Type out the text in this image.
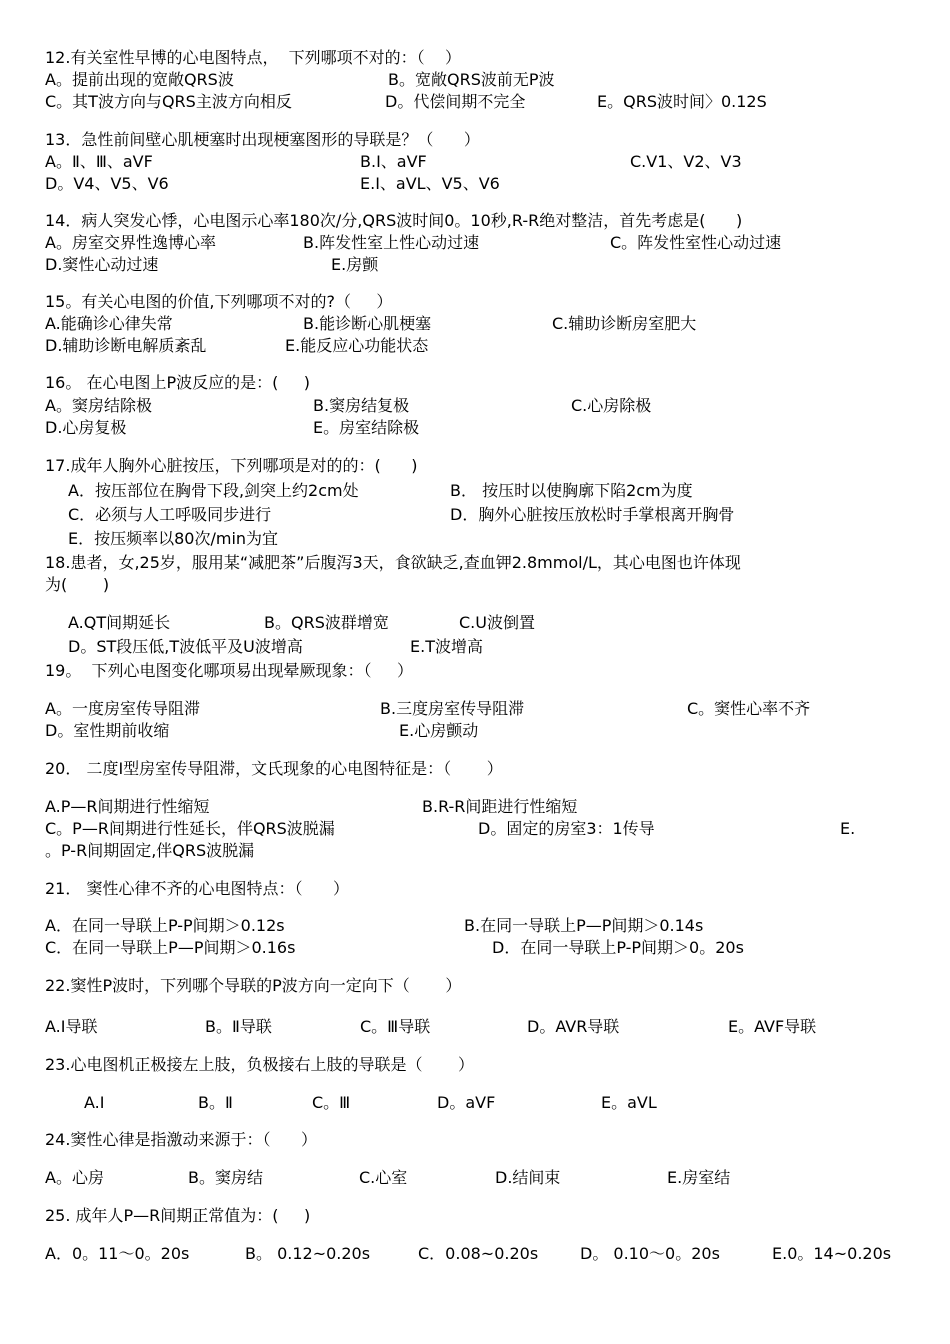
12.有关室性早博的心电图特点，  下列哪项不对的：（    ）
A。提前出现的宽敞QRS波	B。宽敞QRS波前无P波
C。其T波方向与QRS主波方向相反	D。代偿间期不完全	E。QRS波时间〉0.12S
13．急性前间壁心肌梗塞时出现梗塞图形的导联是？（      ）
A。Ⅱ、Ⅲ、aVF	B.Ⅰ、aVF	C.V1、V2、V3
D。V4、V5、V6	E.Ⅰ、aVL、V5、V6
14．病人突发心悸，心电图示心率180次/分,QRS波时间0。10秒,R-R绝对整洁，首先考虑是(      )
A。房室交界性逸博心率	B.阵发性室上性心动过速	C。阵发性室性心动过速
D.窦性心动过速	E.房颤
15。有关心电图的价值,下列哪项不对的?（     ）
A.能确诊心律失常	B.能诊断心肌梗塞	C.辅助诊断房室肥大
D.辅助诊断电解质紊乱	E.能反应心功能状态
16。 在心电图上P波反应的是：(     )
A。窦房结除极	B.窦房结复极	C.心房除极
D.心房复极	E。房室结除极
17.成年人胸外心脏按压，下列哪项是对的的：(      )
A．按压部位在胸骨下段,剑突上约2cm处	B． 按压时以使胸廓下陷2cm为度
C．必须与人工呼吸同步进行	D．胸外心脏按压放松时手掌根离开胸骨
E．按压频率以80次/min为宜
18.患者，女,25岁，服用某“减肥茶”后腹泻3天，食欲缺乏,查血钾2.8mmol/L，其心电图也许体现
为(       )
A.QT间期延长	B。QRS波群增宽	C.U波倒置
D。ST段压低,T波低平及U波增高	E.T波增高
19。  下列心电图变化哪项易出现晕厥现象：（     ）
A。一度房室传导阻滞	B.三度房室传导阻滞	C。窦性心率不齐
D。室性期前收缩	E.心房颤动
20． 二度Ⅰ型房室传导阻滞，文氏现象的心电图特征是：（       ）
A.P—R间期进行性缩短	B.R-R间距进行性缩短
C。P—R间期进行性延长，伴QRS波脱漏	D。固定的房室3：1传导	E.
。P-R间期固定,伴QRS波脱漏
21． 窦性心律不齐的心电图特点：（      ）
A．在同一导联上P-P间期＞0.12s	B.在同一导联上P—P间期＞0.14s
C．在同一导联上P—P间期＞0.16s	D．在同一导联上P-P间期＞0。20s
22.窦性P波时，下列哪个导联的P波方向一定向下（       ）
A.Ⅰ导联	B。Ⅱ导联	C。Ⅲ导联	D。AVR导联	E。AVF导联
23.心电图机正极接左上肢，负极接右上肢的导联是（       ）
A.Ⅰ	B。Ⅱ	C。Ⅲ	D。aVF	E。aVL
24.窦性心律是指激动来源于：（      ）
A。心房	B。窦房结	C.心室	D.结间束	E.房室结
25. 成年人P—R间期正常值为：(     )
A．0。11～0。20s	B。 0.12~0.20s	C．0.08~0.20s	D。 0.10～0。20s	E.0。14~0.20s
